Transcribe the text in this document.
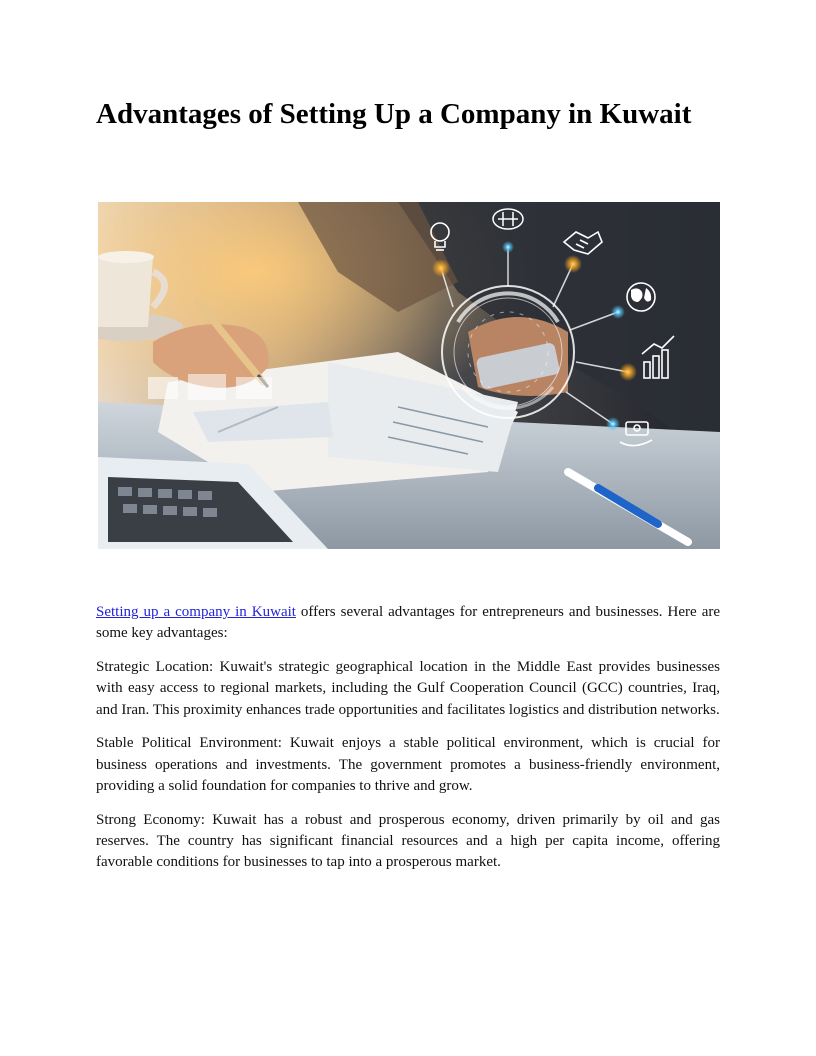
Advantages of Setting Up a Company in Kuwait

Setting up a company in Kuwait offers several advantages for entrepreneurs and businesses. Here are some key advantages:

Strategic Location: Kuwait's strategic geographical location in the Middle East provides businesses with easy access to regional markets, including the Gulf Cooperation Council (GCC) countries, Iraq, and Iran. This proximity enhances trade opportunities and facilitates logistics and distribution networks.

Stable Political Environment: Kuwait enjoys a stable political environment, which is crucial for business operations and investments. The government promotes a business-friendly environment, providing a solid foundation for companies to thrive and grow.

Strong Economy: Kuwait has a robust and prosperous economy, driven primarily by oil and gas reserves. The country has significant financial resources and a high per capita income, offering favorable conditions for businesses to tap into a prosperous market.
